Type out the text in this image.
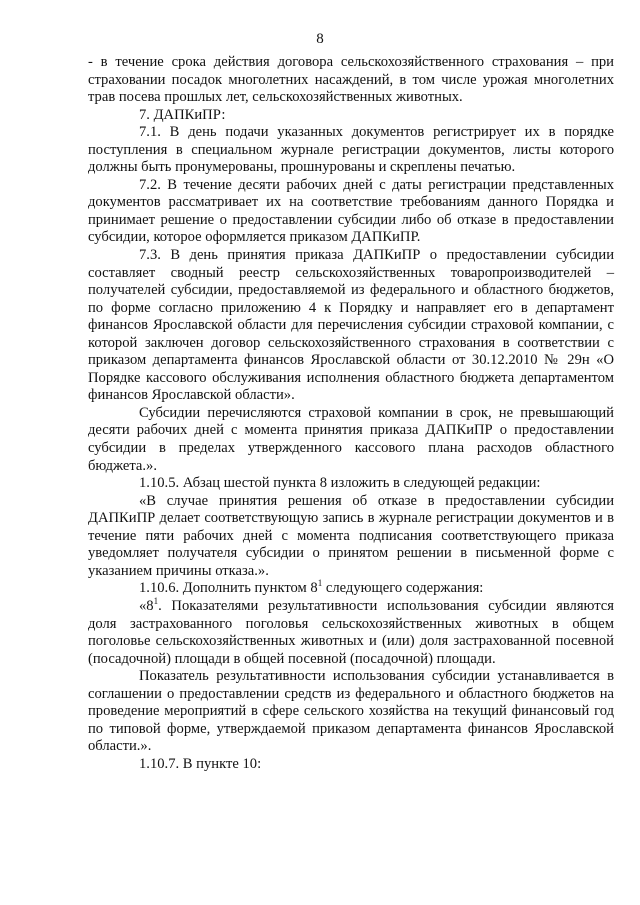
8

- в течение срока действия договора сельскохозяйственного страхования – при страховании посадок многолетних насаждений, в том числе урожая многолетних трав посева прошлых лет, сельскохозяйственных животных.

7. ДАПКиПР:

7.1. В день подачи указанных документов регистрирует их в порядке поступления в специальном журнале регистрации документов, листы которого должны быть пронумерованы, прошнурованы и скреплены печатью.

7.2. В течение десяти рабочих дней с даты регистрации представленных документов рассматривает их на соответствие требованиям данного Порядка и принимает решение о предоставлении субсидии либо об отказе в предоставлении субсидии, которое оформляется приказом ДАПКиПР.

7.3. В день принятия приказа ДАПКиПР о предоставлении субсидии составляет сводный реестр сельскохозяйственных товаропроизводителей – получателей субсидии, предоставляемой из федерального и областного бюджетов, по форме согласно приложению 4 к Порядку и направляет его в департамент финансов Ярославской области для перечисления субсидии страховой компании, с которой заключен договор сельскохозяйственного страхования в соответствии с приказом департамента финансов Ярославской области от 30.12.2010 № 29н «О Порядке кассового обслуживания исполнения областного бюджета департаментом финансов Ярославской области».

Субсидии перечисляются страховой компании в срок, не превышающий десяти рабочих дней с момента принятия приказа ДАПКиПР о предоставлении субсидии в пределах утвержденного кассового плана расходов областного бюджета.».

1.10.5. Абзац шестой пункта 8 изложить в следующей редакции:

«В случае принятия решения об отказе в предоставлении субсидии ДАПКиПР делает соответствующую запись в журнале регистрации документов и в течение пяти рабочих дней с момента подписания соответствующего приказа уведомляет получателя субсидии о принятом решении в письменной форме с указанием причины отказа.».

1.10.6. Дополнить пунктом $8^1$ следующего содержания:

«$8^1$. Показателями результативности использования субсидии являются доля застрахованного поголовья сельскохозяйственных животных в общем поголовье сельскохозяйственных животных и (или) доля застрахованной посевной (посадочной) площади в общей посевной (посадочной) площади.

Показатель результативности использования субсидии устанавливается в соглашении о предоставлении средств из федерального и областного бюджетов на проведение мероприятий в сфере сельского хозяйства на текущий финансовый год по типовой форме, утверждаемой приказом департамента финансов Ярославской области.».

1.10.7. В пункте 10:
